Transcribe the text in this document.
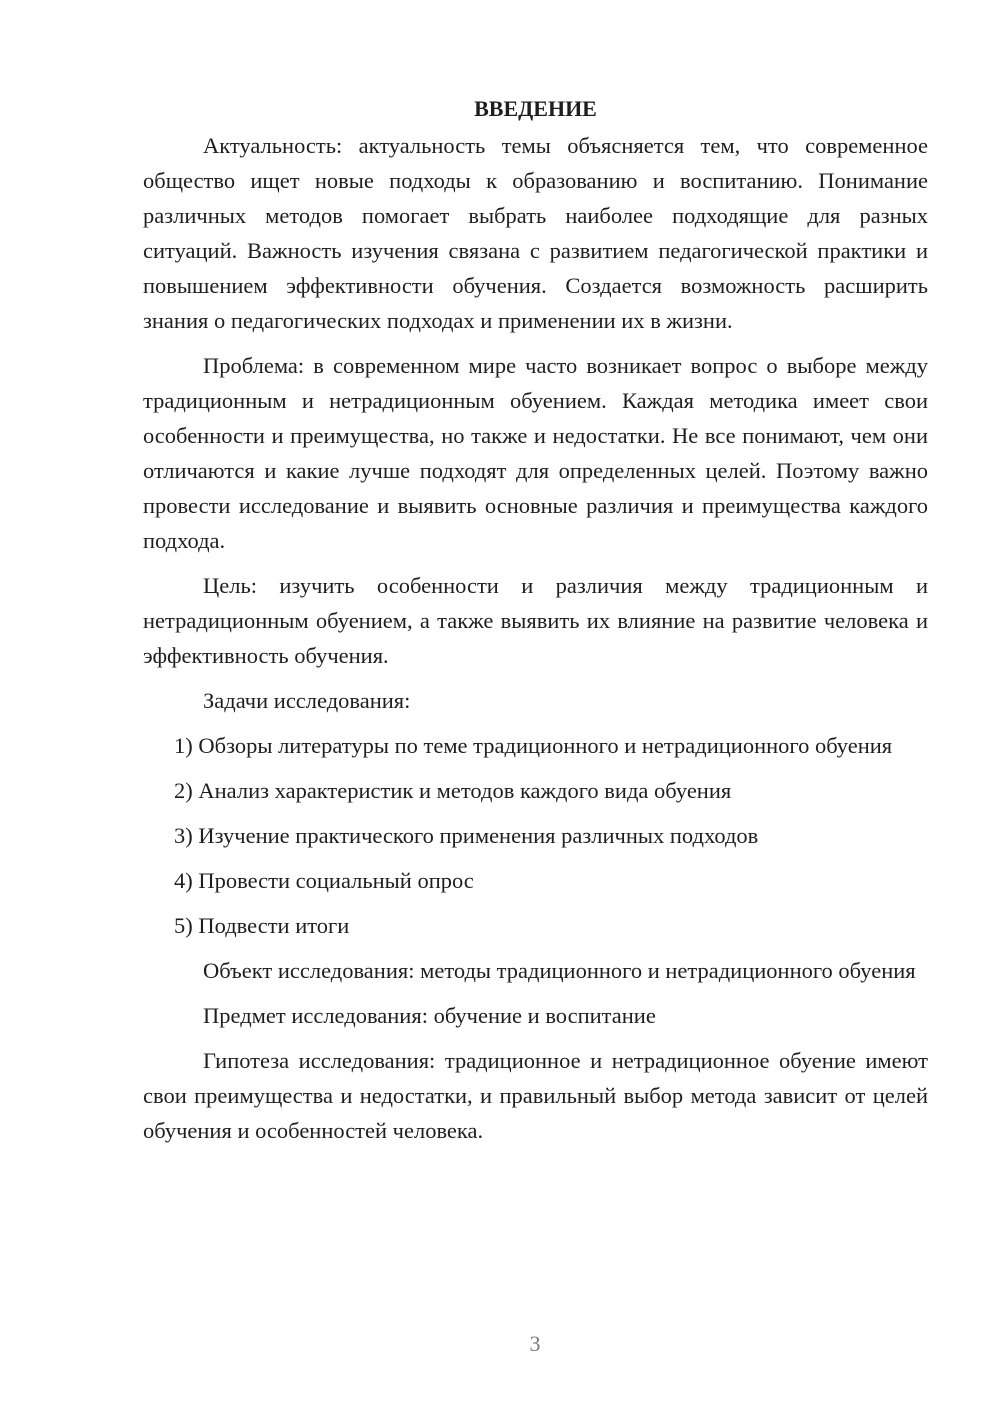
ВВЕДЕНИЕ

Актуальность: актуальность темы объясняется тем, что современное общество ищет новые подходы к образованию и воспитанию. Понимание различных методов помогает выбрать наиболее подходящие для разных ситуаций. Важность изучения связана с развитием педагогической практики и повышением эффективности обучения. Создается возможность расширить знания о педагогических подходах и применении их в жизни.

Проблема: в современном мире часто возникает вопрос о выборе между традиционным и нетрадиционным обуением. Каждая методика имеет свои особенности и преимущества, но также и недостатки. Не все понимают, чем они отличаются и какие лучше подходят для определенных целей. Поэтому важно провести исследование и выявить основные различия и преимущества каждого подхода.

Цель: изучить особенности и различия между традиционным и нетрадиционным обуением, а также выявить их влияние на развитие человека и эффективность обучения.

Задачи исследования:

1) Обзоры литературы по теме традиционного и нетрадиционного обуения

2) Анализ характеристик и методов каждого вида обуения

3) Изучение практического применения различных подходов

4) Провести социальный опрос

5) Подвести итоги

Объект исследования: методы традиционного и нетрадиционного обуения

Предмет исследования: обучение и воспитание

Гипотеза исследования: традиционное и нетрадиционное обуение имеют свои преимущества и недостатки, и правильный выбор метода зависит от целей обучения и особенностей человека.

3
